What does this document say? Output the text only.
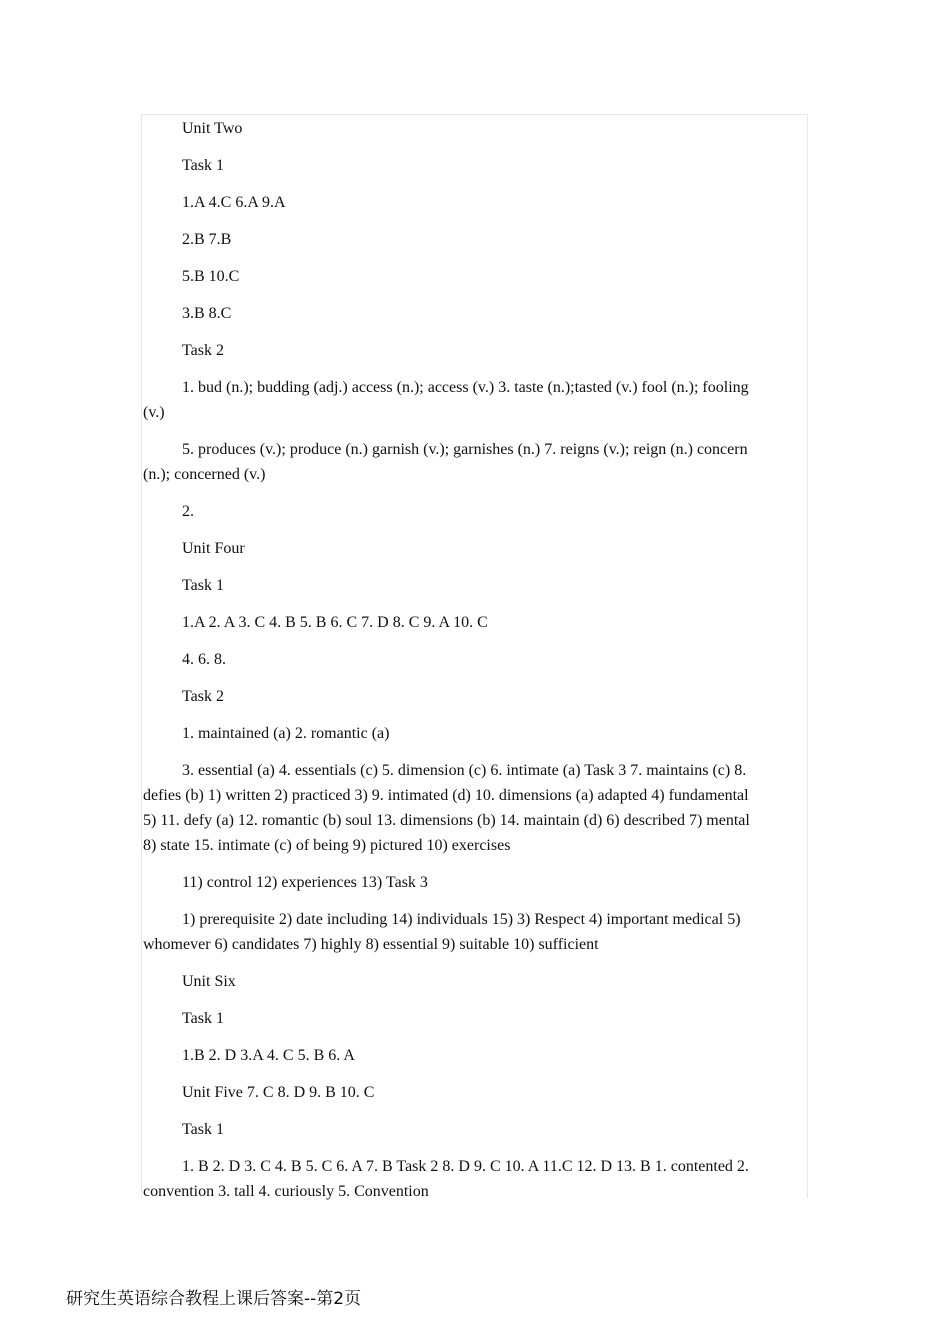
Unit Two

Task 1

1.A 4.C 6.A 9.A

2.B 7.B

5.B 10.C

3.B 8.C

Task 2

1. bud (n.); budding (adj.) access (n.); access (v.) 3. taste (n.);tasted (v.) fool (n.); fooling (v.)

5. produces (v.); produce (n.) garnish (v.); garnishes (n.) 7. reigns (v.); reign (n.) concern (n.); concerned (v.)

2.

Unit Four

Task 1

1.A 2. A 3. C 4. B 5. B 6. C 7. D 8. C 9. A 10. C

4. 6. 8.

Task 2

1. maintained (a) 2. romantic (a)

3. essential (a) 4. essentials (c) 5. dimension (c) 6. intimate (a) Task 3 7. maintains (c) 8. defies (b) 1) written 2) practiced 3) 9. intimated (d) 10. dimensions (a) adapted 4) fundamental 5) 11. defy (a) 12. romantic (b) soul 13. dimensions (b) 14. maintain (d) 6) described 7) mental 8) state 15. intimate (c) of being 9) pictured 10) exercises

11) control 12) experiences 13) Task 3

1) prerequisite 2) date including 14) individuals 15) 3) Respect 4) important medical 5) whomever 6) candidates 7) highly 8) essential 9) suitable 10) sufficient

Unit Six

Task 1

1.B 2. D 3.A 4. C 5. B 6. A

Unit Five 7. C 8. D 9. B 10. C

Task 1

1. B 2. D 3. C 4. B 5. C 6. A 7. B Task 2 8. D 9. C 10. A 11.C 12. D 13. B 1. contented 2. convention 3. tall 4. curiously 5. Convention

研究生英语综合教程上课后答案--第2页
